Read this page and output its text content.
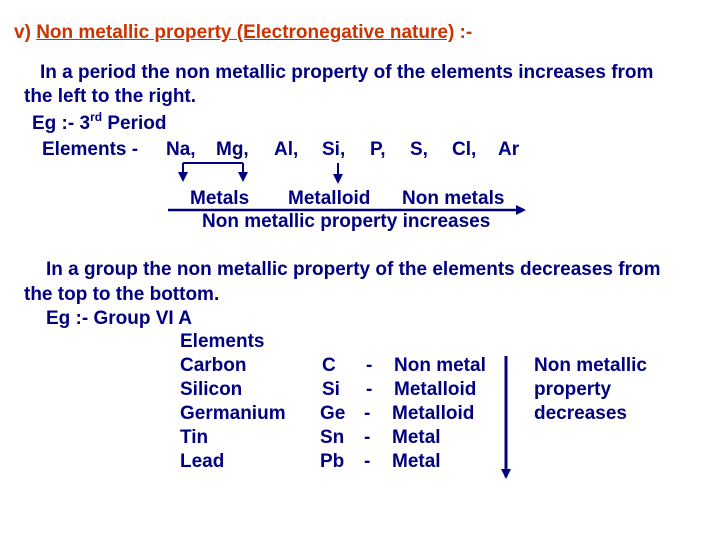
v) Non metallic property (Electronegative nature) :-
In a period the non metallic property of the elements increases from
the left to the right.
Eg :- 3rd Period
Elements - Na, Mg, Al, Si, P, S, Cl, Ar
Metals Metalloid Non metals
Non metallic property increases
In a group the non metallic property of the elements decreases from
the top to the bottom.
Eg :- Group VI A
Elements
Carbon	C - Non metal
Silicon	Si - Metalloid
Germanium Ge - Metalloid
Tin	Sn - Metal
Lead	Pb - Metal
Non metallic
property
decreases
